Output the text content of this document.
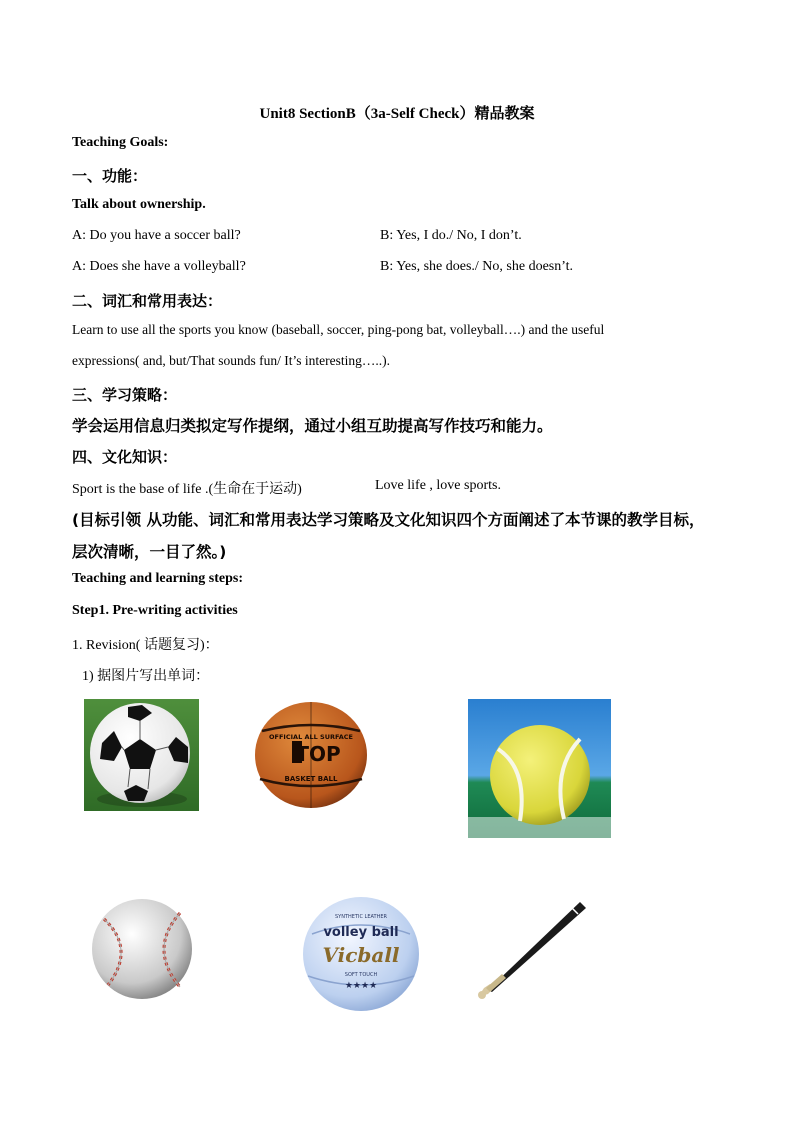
Unit8 SectionB（3a-Self Check）精品教案
Teaching Goals:
一、功能：
Talk about ownership.
A: Do you have a soccer ball?	B: Yes, I do./ No, I don’t.
A: Does she have a volleyball?	B: Yes, she does./ No, she doesn’t.
二、词汇和常用表达：
Learn to use all the sports you know (baseball, soccer, ping-pong bat, volleyball….) and the useful
expressions( and, but/That sounds fun/ It’s interesting…..).
三、学习策略：
学会运用信息归类拟定写作提纲，通过小组互助提高写作技巧和能力。
四、文化知识：
Sport is the base of life .(生命在于运动)	Love life , love sports.
(目标引领 从功能、词汇和常用表达学习策略及文化知识四个方面阐述了本节课的教学目标，
层次清晰，一目了然。)
Teaching and learning steps:
Step1. Pre-writing activities
1. Revision( 话题复习)：
1) 据图片写出单词：
OFFICIAL ALL SURFACE
TOP
BASKET BALL
SYNTHETIC LEATHER
volley ball
Vicball
SOFT TOUCH
★★★★
